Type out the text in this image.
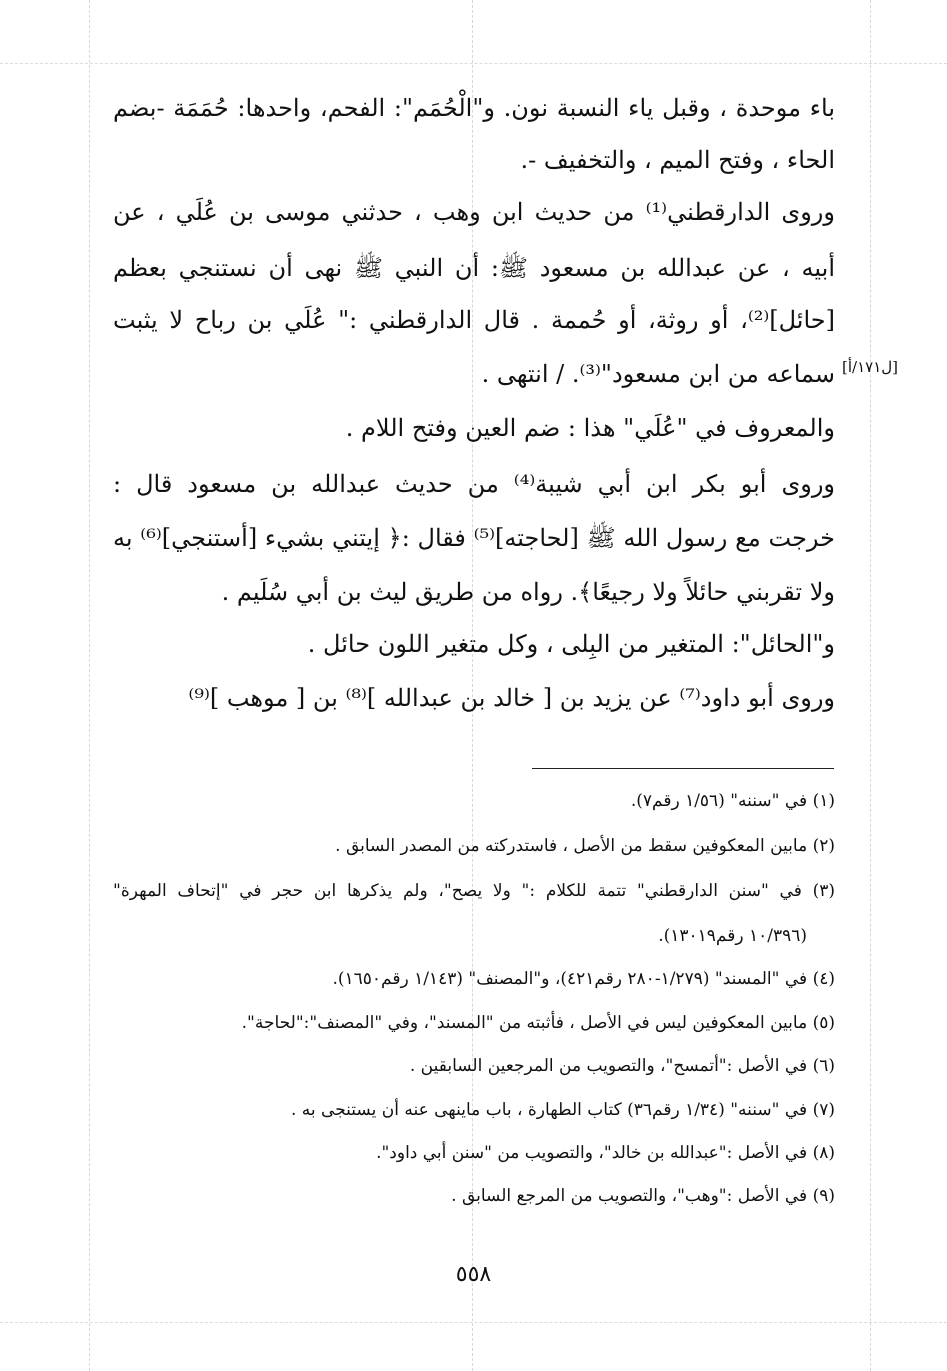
باء موحدة ، وقبل ياء النسبة نون. و"الْحُمَم": الفحم، واحدها: حُمَمَة -بضم
الحاء ، وفتح الميم ، والتخفيف -.
وروى الدارقطني⁽¹⁾ من حديث ابن وهب ، حدثني موسى بن عُلَي ، عن
أبيه ، عن عبدالله بن مسعود ﷺ: أن النبي ﷺ نهى أن نستنجي بعظم
[حائل]⁽²⁾، أو روثة، أو حُممة . قال الدارقطني :" عُلَي بن رباح لا يثبت
سماعه من ابن مسعود"⁽³⁾. / انتهى . [ل١٧١/أ]
والمعروف في "عُلَي" هذا : ضم العين وفتح اللام .
وروى أبو بكر ابن أبي شيبة⁽⁴⁾ من حديث عبدالله بن مسعود قال :
خرجت مع رسول الله ﷺ [لحاجته]⁽⁵⁾ فقال :﴿ إيتني بشيء [أستنجي]⁽⁶⁾ به
ولا تقربني حائلاً ولا رجيعًا﴾. رواه من طريق ليث بن أبي سُلَيم .
و"الحائل": المتغير من البِلى ، وكل متغير اللون حائل .
وروى أبو داود⁽⁷⁾ عن يزيد بن [ خالد بن عبدالله ]⁽⁸⁾ بن [ موهب ]⁽⁹⁾
(١) في "سننه" (١/٥٦ رقم٧).
(٢) مابين المعكوفين سقط من الأصل ، فاستدركته من المصدر السابق .
(٣) في "سنن الدارقطني" تتمة للكلام :" ولا يصح"، ولم يذكرها ابن حجر في "إتحاف المهرة"
(١٠/٣٩٦ رقم١٣٠١٩).
(٤) في "المسند" (١/٢٧٩-٢٨٠ رقم٤٢١)، و"المصنف" (١/١٤٣ رقم١٦٥٠).
(٥) مابين المعكوفين ليس في الأصل ، فأثبته من "المسند"، وفي "المصنف":"لحاجة".
(٦) في الأصل :"أتمسح"، والتصويب من المرجعين السابقين .
(٧) في "سننه" (١/٣٤ رقم٣٦) كتاب الطهارة ، باب ماينهى عنه أن يستنجى به .
(٨) في الأصل :"عبدالله بن خالد"، والتصويب من "سنن أبي داود".
(٩) في الأصل :"وهب"، والتصويب من المرجع السابق .
٥٥٨
